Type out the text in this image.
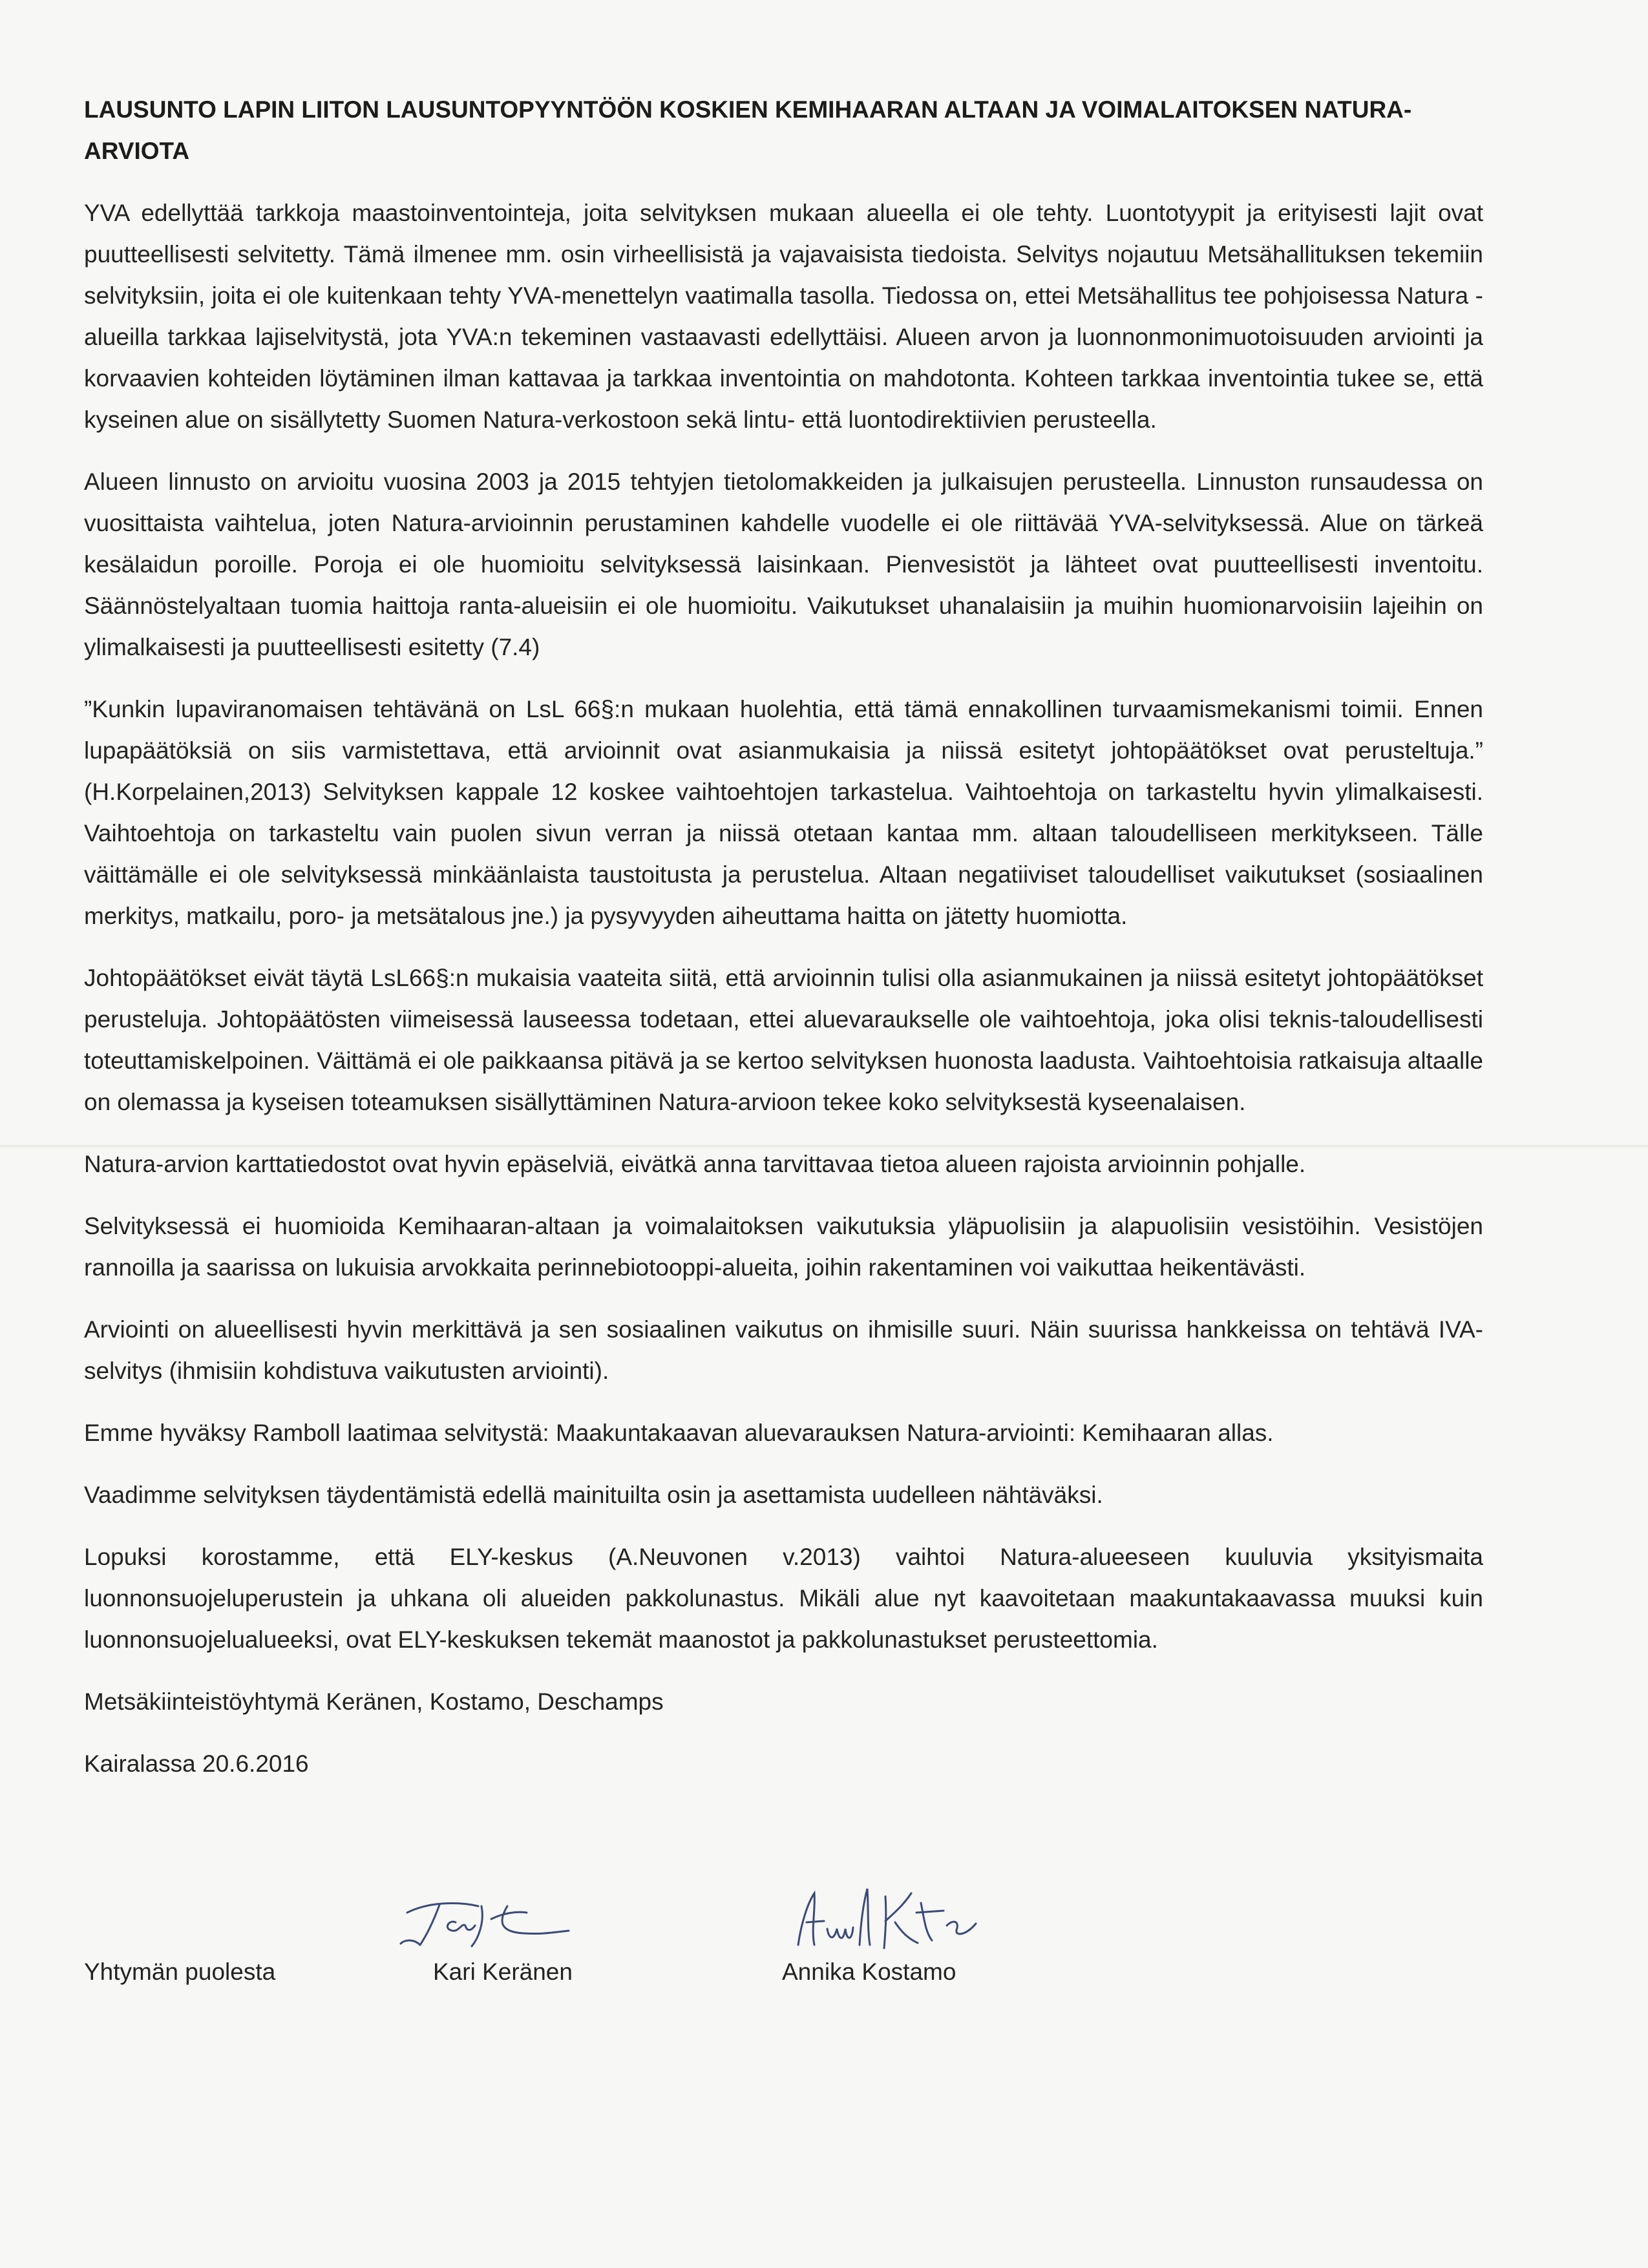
LAUSUNTO LAPIN LIITON LAUSUNTOPYYNTÖÖN KOSKIEN KEMIHAARAN ALTAAN JA VOIMALAITOKSEN NATURA-ARVIOTA

YVA edellyttää tarkkoja maastoinventointeja, joita selvityksen mukaan alueella ei ole tehty. Luontotyypit ja erityisesti lajit ovat puutteellisesti selvitetty. Tämä ilmenee mm. osin virheellisistä ja vajavaisista tiedoista. Selvitys nojautuu Metsähallituksen tekemiin selvityksiin, joita ei ole kuitenkaan tehty YVA-menettelyn vaatimalla tasolla. Tiedossa on, ettei Metsähallitus tee pohjoisessa Natura -alueilla tarkkaa lajiselvitystä, jota YVA:n tekeminen vastaavasti edellyttäisi. Alueen arvon ja luonnonmonimuotoisuuden arviointi ja korvaavien kohteiden löytäminen ilman kattavaa ja tarkkaa inventointia on mahdotonta. Kohteen tarkkaa inventointia tukee se, että kyseinen alue on sisällytetty Suomen Natura-verkostoon sekä lintu- että luontodirektiivien perusteella.

Alueen linnusto on arvioitu vuosina 2003 ja 2015 tehtyjen tietolomakkeiden ja julkaisujen perusteella. Linnuston runsaudessa on vuosittaista vaihtelua, joten Natura-arvioinnin perustaminen kahdelle vuodelle ei ole riittävää YVA-selvityksessä. Alue on tärkeä kesälaidun poroille. Poroja ei ole huomioitu selvityksessä laisinkaan. Pienvesistöt ja lähteet ovat puutteellisesti inventoitu. Säännöstelyaltaan tuomia haittoja ranta-alueisiin ei ole huomioitu. Vaikutukset uhanalaisiin ja muihin huomionarvoisiin lajeihin on ylimalkaisesti ja puutteellisesti esitetty (7.4)

”Kunkin lupaviranomaisen tehtävänä on LsL 66§:n mukaan huolehtia, että tämä ennakollinen turvaamismekanismi toimii. Ennen lupapäätöksiä on siis varmistettava, että arvioinnit ovat asianmukaisia ja niissä esitetyt johtopäätökset ovat perusteltuja.” (H.Korpelainen,2013) Selvityksen kappale 12 koskee vaihtoehtojen tarkastelua. Vaihtoehtoja on tarkasteltu hyvin ylimalkaisesti. Vaihtoehtoja on tarkasteltu vain puolen sivun verran ja niissä otetaan kantaa mm. altaan taloudelliseen merkitykseen. Tälle väittämälle ei ole selvityksessä minkäänlaista taustoitusta ja perustelua. Altaan negatiiviset taloudelliset vaikutukset (sosiaalinen merkitys, matkailu, poro- ja metsätalous jne.) ja pysyvyyden aiheuttama haitta on jätetty huomiotta.

Johtopäätökset eivät täytä LsL66§:n mukaisia vaateita siitä, että arvioinnin tulisi olla asianmukainen ja niissä esitetyt johtopäätökset perusteluja. Johtopäätösten viimeisessä lauseessa todetaan, ettei aluevaraukselle ole vaihtoehtoja, joka olisi teknis-taloudellisesti toteuttamiskelpoinen. Väittämä ei ole paikkaansa pitävä ja se kertoo selvityksen huonosta laadusta. Vaihtoehtoisia ratkaisuja altaalle on olemassa ja kyseisen toteamuksen sisällyttäminen Natura-arvioon tekee koko selvityksestä kyseenalaisen.

Natura-arvion karttatiedostot ovat hyvin epäselviä, eivätkä anna tarvittavaa tietoa alueen rajoista arvioinnin pohjalle.

Selvityksessä ei huomioida Kemihaaran-altaan ja voimalaitoksen vaikutuksia yläpuolisiin ja alapuolisiin vesistöihin. Vesistöjen rannoilla ja saarissa on lukuisia arvokkaita perinnebiotooppi-alueita, joihin rakentaminen voi vaikuttaa heikentävästi.

Arviointi on alueellisesti hyvin merkittävä ja sen sosiaalinen vaikutus on ihmisille suuri. Näin suurissa hankkeissa on tehtävä IVA-selvitys (ihmisiin kohdistuva vaikutusten arviointi).

Emme hyväksy Ramboll laatimaa selvitystä: Maakuntakaavan aluevarauksen Natura-arviointi: Kemihaaran allas.

Vaadimme selvityksen täydentämistä edellä mainituilta osin ja asettamista uudelleen nähtäväksi.

Lopuksi korostamme, että ELY-keskus (A.Neuvonen v.2013) vaihtoi Natura-alueeseen kuuluvia yksityismaita luonnonsuojeluperustein ja uhkana oli alueiden pakkolunastus. Mikäli alue nyt kaavoitetaan maakuntakaavassa muuksi kuin luonnonsuojelualueeksi, ovat ELY-keskuksen tekemät maanostot ja pakkolunastukset perusteettomia.

Metsäkiinteistöyhtymä Keränen, Kostamo, Deschamps

Kairalassa 20.6.2016

Yhtymän puolesta	Kari Keränen	Annika Kostamo
